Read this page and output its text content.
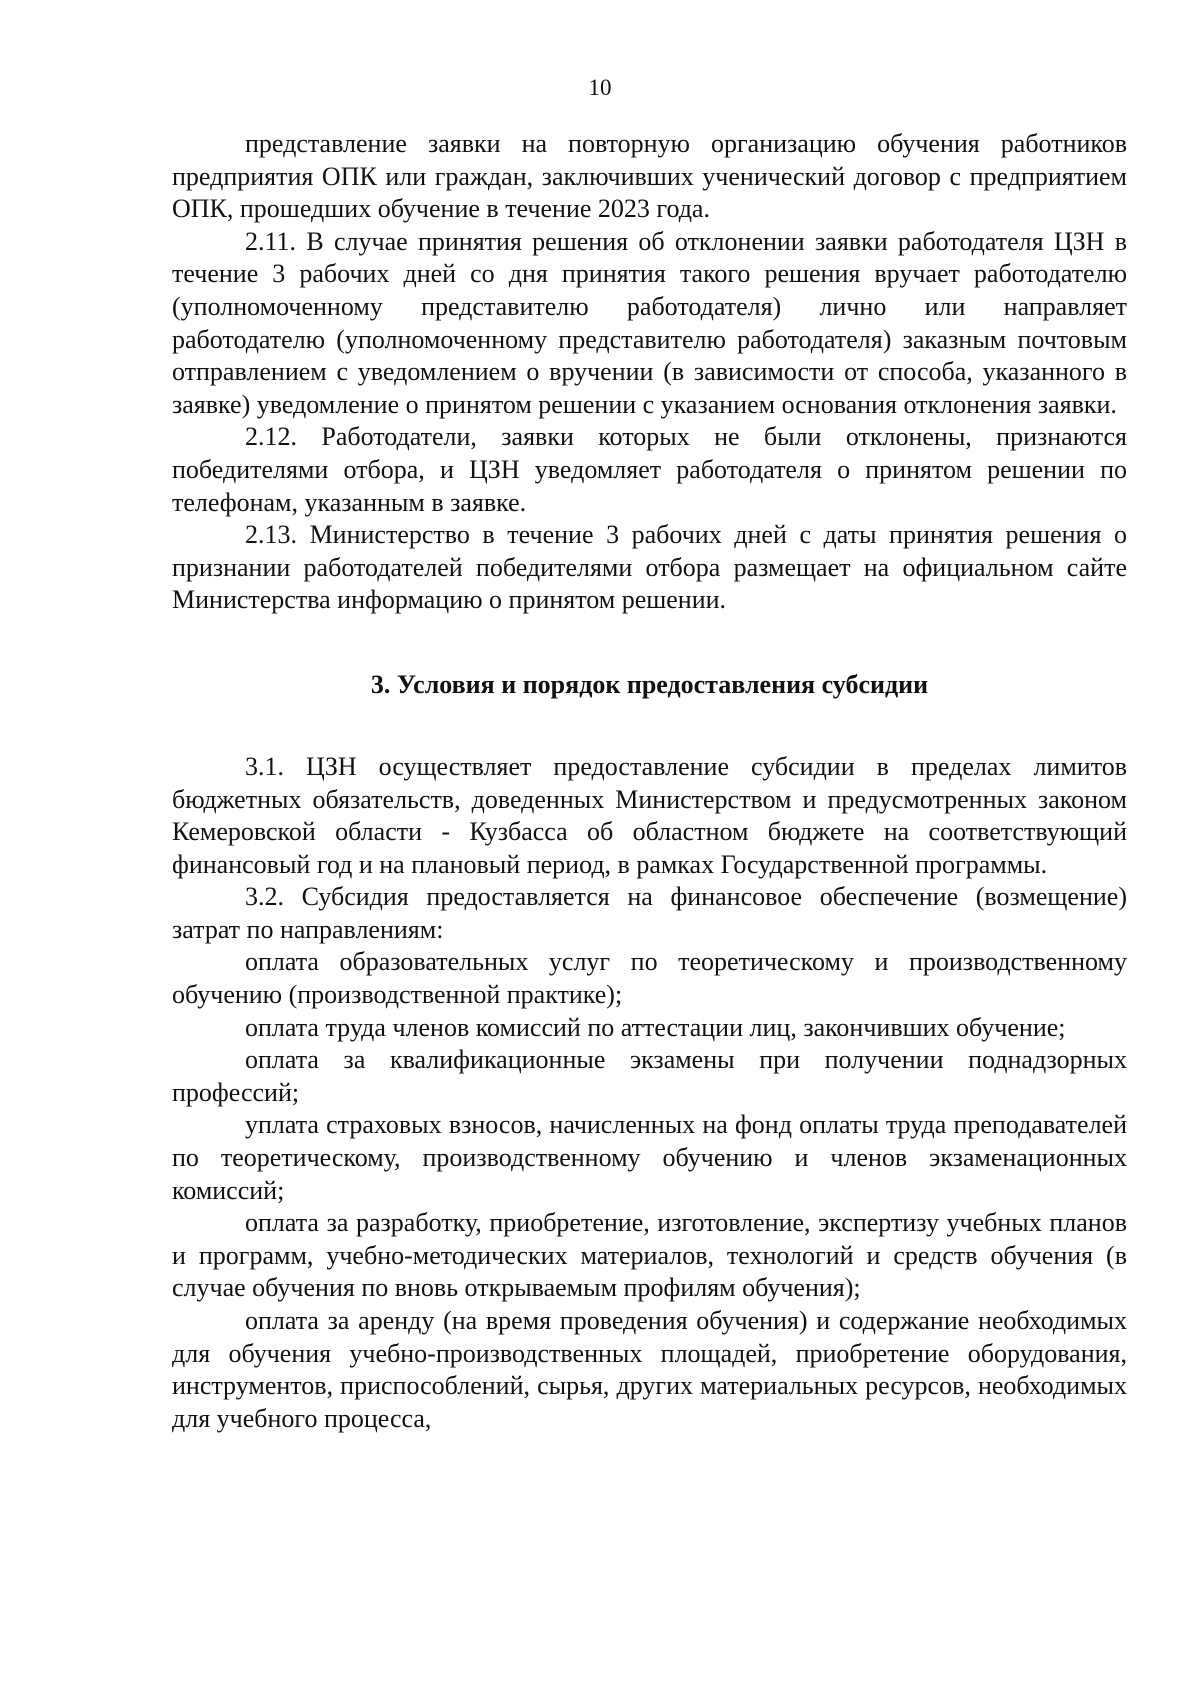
10

представление заявки на повторную организацию обучения работников предприятия ОПК или граждан, заключивших ученический договор с предприятием ОПК, прошедших обучение в течение 2023 года.

2.11. В случае принятия решения об отклонении заявки работодателя ЦЗН в течение 3 рабочих дней со дня принятия такого решения вручает работодателю (уполномоченному представителю работодателя) лично или направляет работодателю (уполномоченному представителю работодателя) заказным почтовым отправлением с уведомлением о вручении (в зависимости от способа, указанного в заявке) уведомление о принятом решении с указанием основания отклонения заявки.

2.12. Работодатели, заявки которых не были отклонены, признаются победителями отбора, и ЦЗН уведомляет работодателя о принятом решении по телефонам, указанным в заявке.

2.13. Министерство в течение 3 рабочих дней с даты принятия решения о признании работодателей победителями отбора размещает на официальном сайте Министерства информацию о принятом решении.

3. Условия и порядок предоставления субсидии

3.1. ЦЗН осуществляет предоставление субсидии в пределах лимитов бюджетных обязательств, доведенных Министерством и предусмотренных законом Кемеровской области - Кузбасса об областном бюджете на соответствующий финансовый год и на плановый период, в рамках Государственной программы.

3.2. Субсидия предоставляется на финансовое обеспечение (возмещение) затрат по направлениям:

оплата образовательных услуг по теоретическому и производственному обучению (производственной практике);

оплата труда членов комиссий по аттестации лиц, закончивших обучение;

оплата за квалификационные экзамены при получении поднадзорных профессий;

уплата страховых взносов, начисленных на фонд оплаты труда преподавателей по теоретическому, производственному обучению и членов экзаменационных комиссий;

оплата за разработку, приобретение, изготовление, экспертизу учебных планов и программ, учебно-методических материалов, технологий и средств обучения (в случае обучения по вновь открываемым профилям обучения);

оплата за аренду (на время проведения обучения) и содержание необходимых для обучения учебно-производственных площадей, приобретение оборудования, инструментов, приспособлений, сырья, других материальных ресурсов, необходимых для учебного процесса,
